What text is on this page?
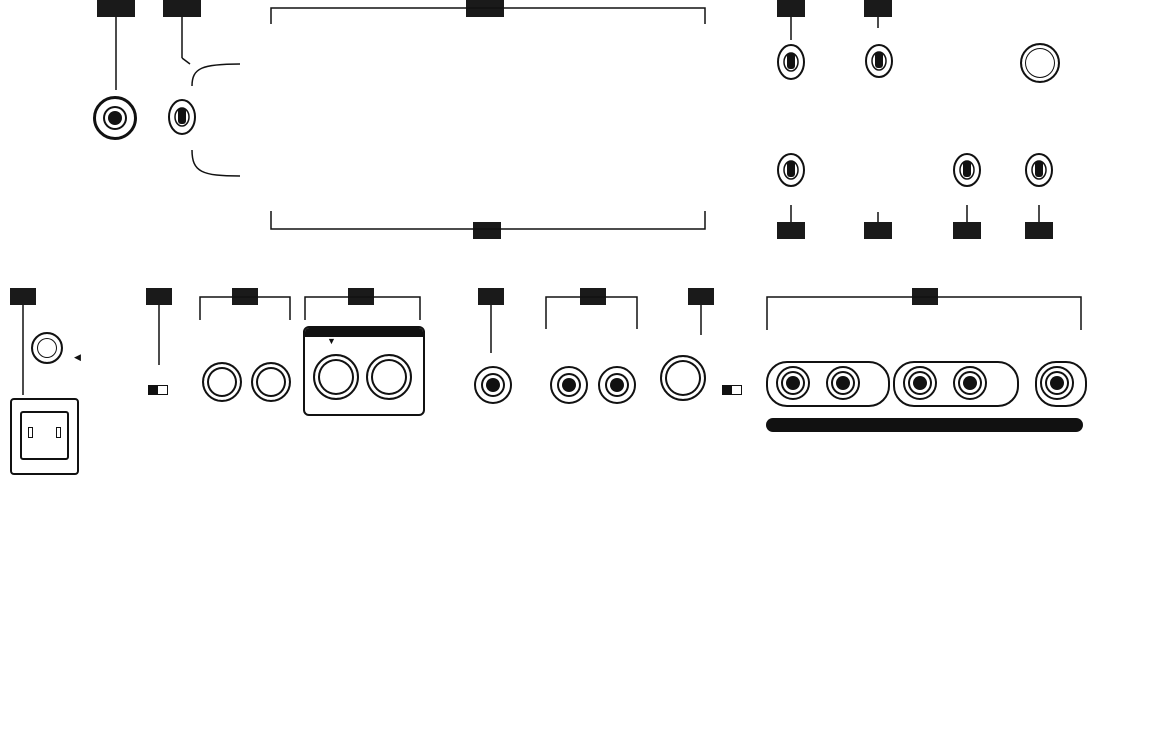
◀
▼
